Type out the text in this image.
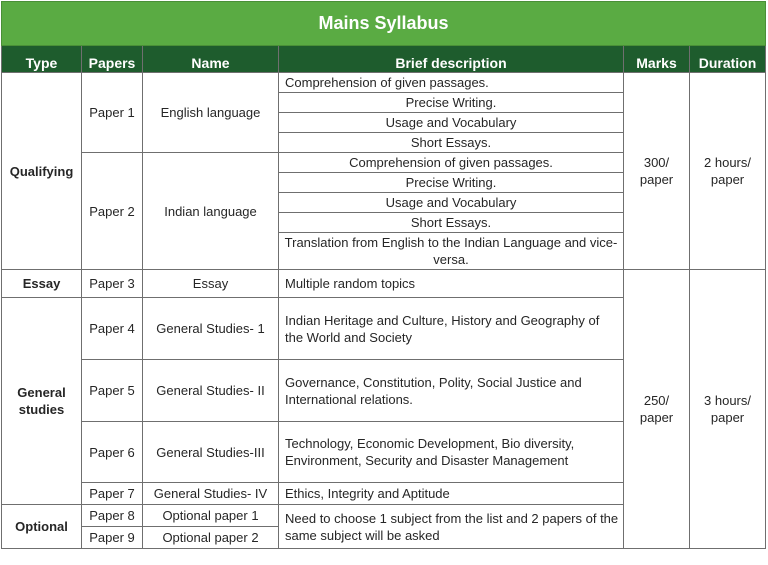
Mains Syllabus					
Type	Papers	Name	Brief description	Marks	Duration
Qualifying	Paper 1	English language	Comprehension of given passages.	300/ paper	2 hours/ paper
			Precise Writing.		
			Usage and Vocabulary		
			Short Essays.		
	Paper 2	Indian language	Comprehension of given passages.		
			Precise Writing.		
			Usage and Vocabulary		
			Short Essays.		
			Translation from English to the Indian Language and vice-versa.		
Essay	Paper 3	Essay	Multiple random topics	250/ paper	3 hours/ paper
General studies	Paper 4	General Studies- 1	Indian Heritage and Culture, History and Geography of the World and Society		
	Paper 5	General Studies- II	Governance, Constitution, Polity, Social Justice and International relations.		
	Paper 6	General Studies-III	Technology, Economic Development, Bio diversity, Environment, Security and Disaster Management		
	Paper 7	General Studies- IV	Ethics, Integrity and Aptitude		
Optional	Paper 8	Optional paper 1	Need to choose 1 subject from the list and 2 papers of the same subject will be asked		
	Paper 9	Optional paper 2			
